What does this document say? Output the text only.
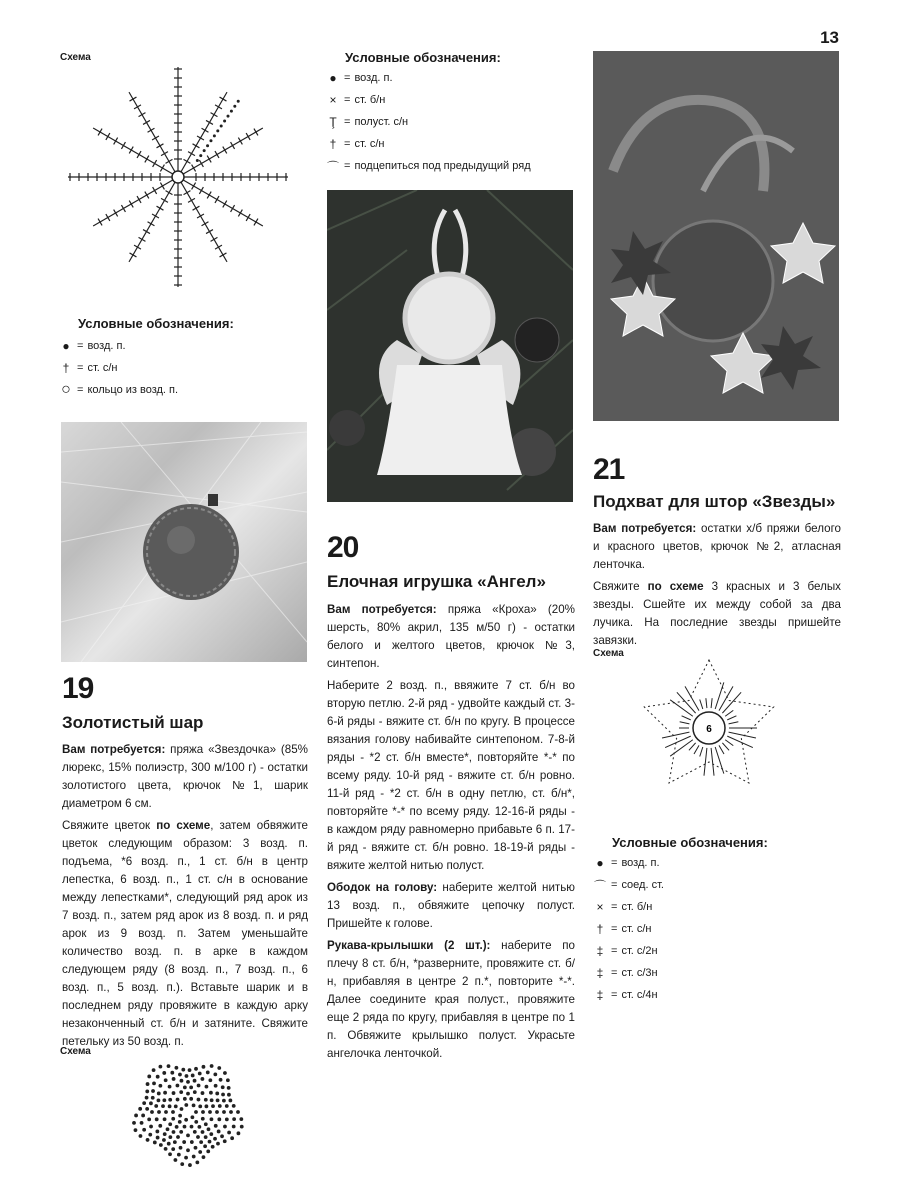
13
Схема
Условные обозначения:
● = возд. п.
† = ст. с/н
○ = кольцо из возд. п.
19
Золотистый шар

Вам потребуется: пряжа «Звездочка» (85% люрекс, 15% полиэстр, 300 м/100 г) - остатки золотистого цвета, крючок №1, шарик диаметром 6 см.

Свяжите цветок по схеме, затем обвяжите цветок следующим образом: 3 возд. п. подъема, *6 возд. п., 1 ст. б/н в центр лепестка, 6 возд. п., 1 ст. с/н в основание между лепестками*, следующий ряд арок из 7 возд. п., затем ряд арок из 8 возд. п. и ряд арок из 9 возд. п. Затем уменьшайте количество возд. п. в арке в каждом следующем ряду (8 возд. п., 7 возд. п., 6 возд. п., 5 возд. п.). Вставьте шарик и в последнем ряду провяжите в каждую арку незаконченный ст. б/н и затяните. Свяжите петельку из 50 возд. п.

Схема
Условные обозначения:
● = возд. п.
× = ст. б/н
Ţ = полуст. с/н
† = ст. с/н
⌒ = подцепиться под предыдущий ряд
20
Елочная игрушка «Ангел»

Вам потребуется: пряжа «Кроха» (20% шерсть, 80% акрил, 135 м/50 г) - остатки белого и желтого цветов, крючок №3, синтепон.

Наберите 2 возд. п., ввяжите 7 ст. б/н во вторую петлю. 2-й ряд - удвойте каждый ст. 3-6-й ряды - вяжите ст. б/н по кругу. В процессе вязания голову набивайте синтепоном. 7-8-й ряды - *2 ст. б/н вместе*, повторяйте *-* по всему ряду. 10-й ряд - вяжите ст. б/н ровно. 11-й ряд - *2 ст. б/н в одну петлю, ст. б/н*, повторяйте *-* по всему ряду. 12-16-й ряды - в каждом ряду равномерно прибавьте 6 п. 17-й ряд - вяжите ст. б/н ровно. 18-19-й ряды - вяжите желтой нитью полуст.

Ободок на голову: наберите желтой нитью 13 возд. п., обвяжите цепочку полуст. Пришейте к голове.

Рукава-крылышки (2 шт.): наберите по плечу 8 ст. б/н, *разверните, провяжите ст. б/н, прибавляя в центре 2 п.*, повторите *-*. Далее соедините края полуст., провяжите еще 2 ряда по кругу, прибавляя в центре по 1 п. Обвяжите крылышко полуст. Украсьте ангелочка ленточкой.

21
Подхват для штор «Звезды»

Вам потребуется: остатки х/б пряжи белого и красного цветов, крючок №2, атласная ленточка.

Свяжите по схеме 3 красных и 3 белых звезды. Сшейте их между собой за два лучика. На последние звезды пришейте завязки.

Схема
6
Условные обозначения:
● = возд. п.
⌒ = соед. ст.
× = ст. б/н
† = ст. с/н
‡ = ст. с/2н
‡ = ст. с/3н
‡ = ст. с/4н
